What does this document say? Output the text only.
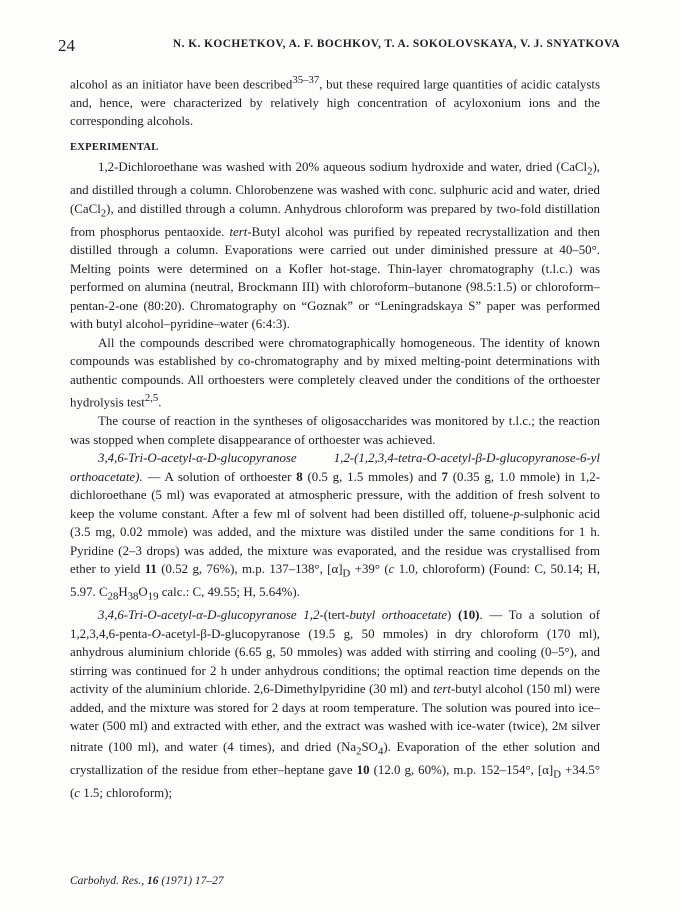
24	N. K. KOCHETKOV, A. F. BOCHKOV, T. A. SOKOLOVSKAYA, V. J. SNYATKOVA

alcohol as an initiator have been described$^{35-37}$, but these required large quantities of acidic catalysts and, hence, were characterized by relatively high concentration of acyloxonium ions and the corresponding alcohols.

EXPERIMENTAL

1,2-Dichloroethane was washed with 20% aqueous sodium hydroxide and water, dried (CaCl$_2$), and distilled through a column. Chlorobenzene was washed with conc. sulphuric acid and water, dried (CaCl$_2$), and distilled through a column. Anhydrous chloroform was prepared by two-fold distillation from phosphorus pentaoxide. tert-Butyl alcohol was purified by repeated recrystallization and then distilled through a column. Evaporations were carried out under diminished pressure at 40–50°. Melting points were determined on a Kofler hot-stage. Thin-layer chromatography (t.l.c.) was performed on alumina (neutral, Brockmann III) with chloroform–butanone (98.5:1.5) or chloroform–pentan-2-one (80:20). Chromatography on “Goznak” or “Leningradskaya S” paper was performed with butyl alcohol–pyridine–water (6:4:3).

All the compounds described were chromatographically homogeneous. The identity of known compounds was established by co-chromatography and by mixed melting-point determinations with authentic compounds. All orthoesters were completely cleaved under the conditions of the orthoester hydrolysis test$^{2,5}$.

The course of reaction in the syntheses of oligosaccharides was monitored by t.l.c.; the reaction was stopped when complete disappearance of orthoester was achieved.

3,4,6-Tri-O-acetyl-α-D-glucopyranose 1,2-(1,2,3,4-tetra-O-acetyl-β-D-glucopyranose-6-yl orthoacetate). — A solution of orthoester 8 (0.5 g, 1.5 mmoles) and 7 (0.35 g, 1.0 mmole) in 1,2-dichloroethane (5 ml) was evaporated at atmospheric pressure, with the addition of fresh solvent to keep the volume constant. After a few ml of solvent had been distilled off, toluene-p-sulphonic acid (3.5 mg, 0.02 mmole) was added, and the mixture was distiled under the same conditions for 1 h. Pyridine (2–3 drops) was added, the mixture was evaporated, and the residue was crystallised from ether to yield 11 (0.52 g, 76%), m.p. 137–138°, $[\alpha]_D +39^\circ$ (c 1.0, chloroform) (Found: C, 50.14; H, 5.97. $C_{28}H_{38}O_{19}$ calc.: C, 49.55; H, 5.64%).

3,4,6-Tri-O-acetyl-α-D-glucopyranose 1,2-(tert-butyl orthoacetate) (10). — To a solution of 1,2,3,4,6-penta-O-acetyl-β-D-glucopyranose (19.5 g, 50 mmoles) in dry chloroform (170 ml), anhydrous aluminium chloride (6.65 g, 50 mmoles) was added with stirring and cooling (0–5°), and stirring was continued for 2 h under anhydrous conditions; the optimal reaction time depends on the activity of the aluminium chloride. 2,6-Dimethylpyridine (30 ml) and tert-butyl alcohol (150 ml) were added, and the mixture was stored for 2 days at room temperature. The solution was poured into ice–water (500 ml) and extracted with ether, and the extract was washed with ice-water (twice), 2M silver nitrate (100 ml), and water (4 times), and dried $(Na_2SO_4)$. Evaporation of the ether solution and crystallization of the residue from ether–heptane gave 10 (12.0 g, 60%), m.p. 152–154°, $[\alpha]_D +34.5^\circ$ (c 1.5; chloroform);

Carbohyd. Res., 16 (1971) 17–27
